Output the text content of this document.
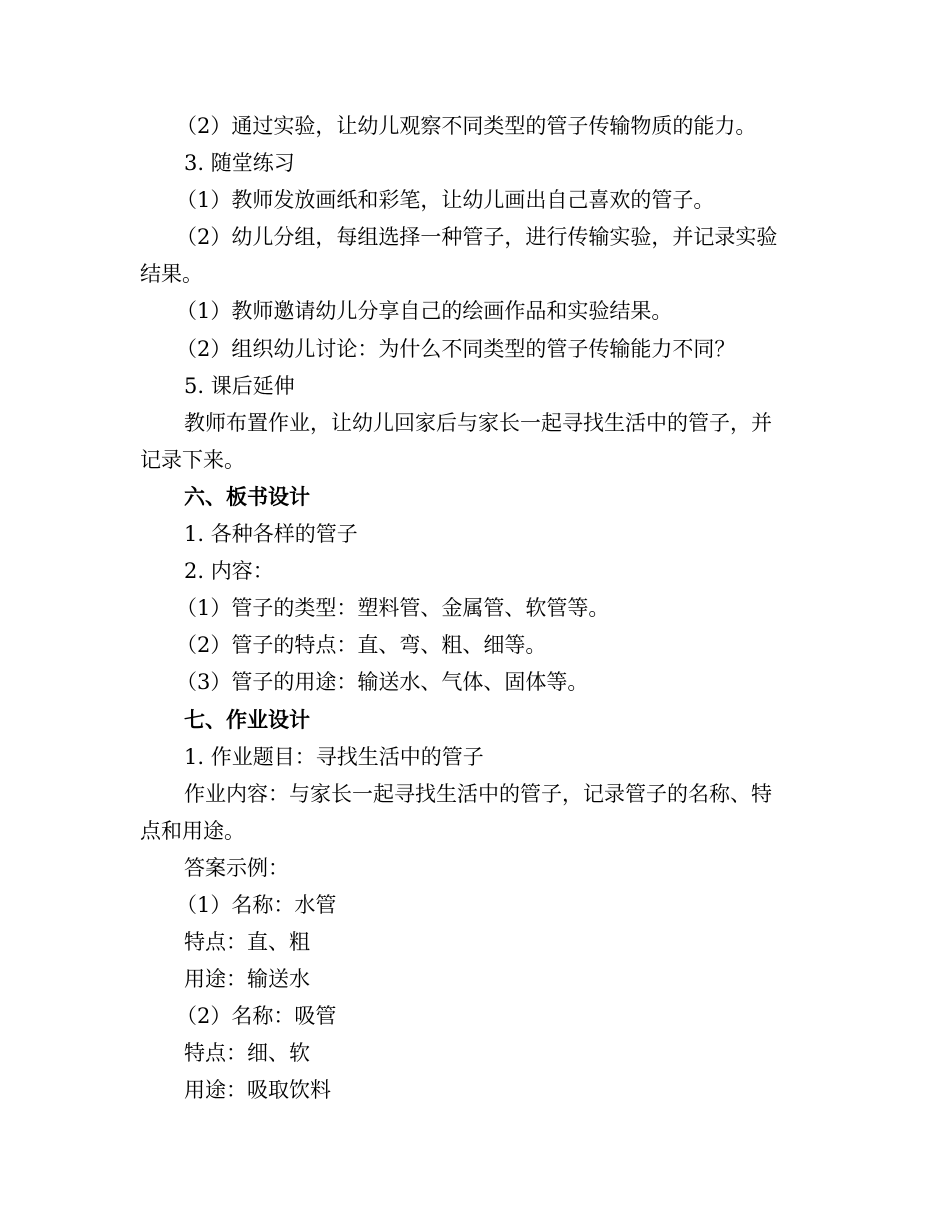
（2）通过实验，让幼儿观察不同类型的管子传输物质的能力。

3. 随堂练习

（1）教师发放画纸和彩笔，让幼儿画出自己喜欢的管子。

（2）幼儿分组，每组选择一种管子，进行传输实验，并记录实验

结果。

（1）教师邀请幼儿分享自己的绘画作品和实验结果。

（2）组织幼儿讨论：为什么不同类型的管子传输能力不同？

5. 课后延伸

教师布置作业，让幼儿回家后与家长一起寻找生活中的管子，并

记录下来。

六、板书设计

1. 各种各样的管子

2. 内容：

（1）管子的类型：塑料管、金属管、软管等。

（2）管子的特点：直、弯、粗、细等。

（3）管子的用途：输送水、气体、固体等。

七、作业设计

1. 作业题目：寻找生活中的管子

作业内容：与家长一起寻找生活中的管子，记录管子的名称、特

点和用途。

答案示例：

（1）名称：水管

特点：直、粗

用途：输送水

（2）名称：吸管

特点：细、软

用途：吸取饮料
